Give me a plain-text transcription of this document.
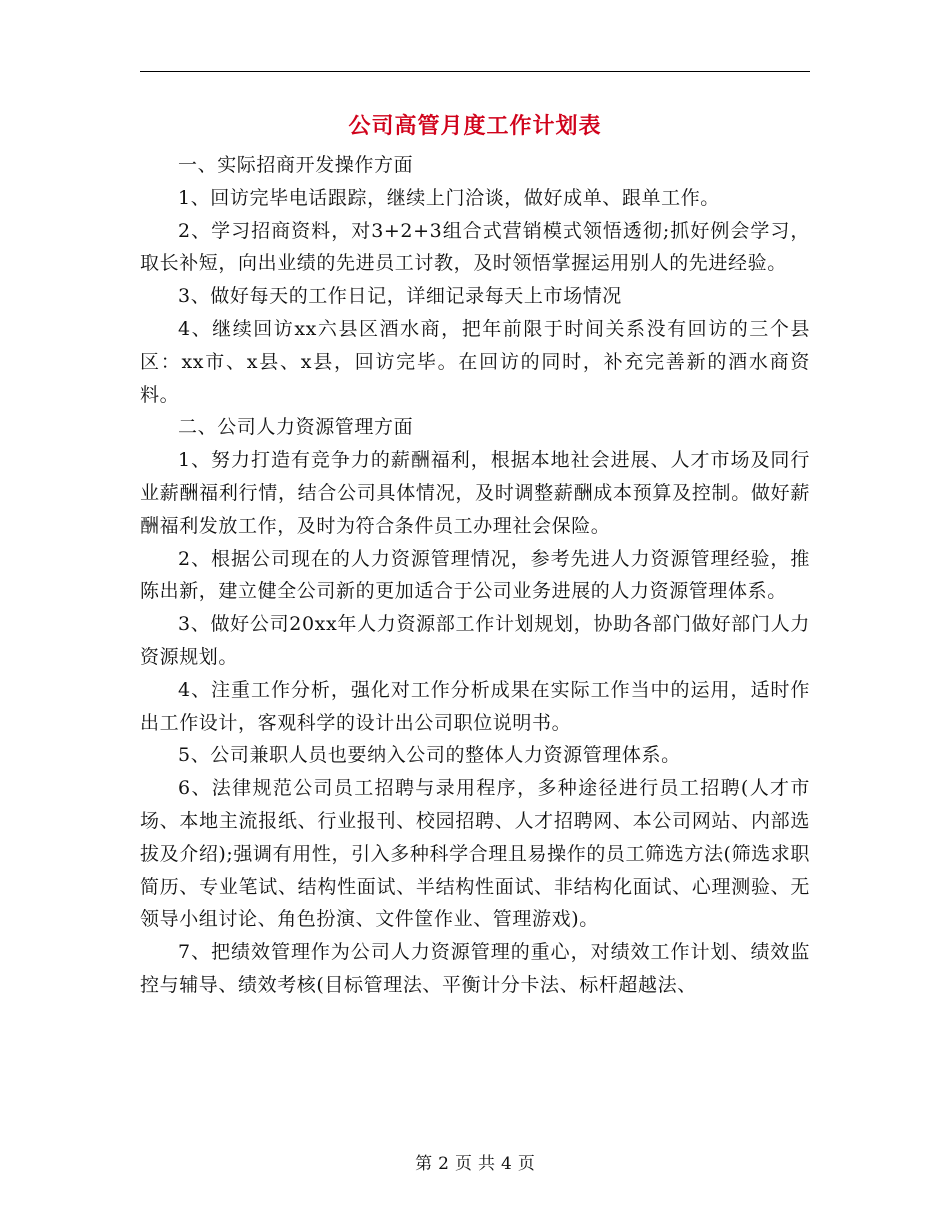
公司高管月度工作计划表

一、实际招商开发操作方面

1、回访完毕电话跟踪，继续上门洽谈，做好成单、跟单工作。

2、学习招商资料，对3+2+3组合式营销模式领悟透彻;抓好例会学习，取长补短，向出业绩的先进员工讨教，及时领悟掌握运用别人的先进经验。

3、做好每天的工作日记，详细记录每天上市场情况

4、继续回访xx六县区酒水商，把年前限于时间关系没有回访的三个县区：xx市、x县、x县，回访完毕。在回访的同时，补充完善新的酒水商资料。

二、公司人力资源管理方面

1、努力打造有竞争力的薪酬福利，根据本地社会进展、人才市场及同行业薪酬福利行情，结合公司具体情况，及时调整薪酬成本预算及控制。做好薪酬福利发放工作，及时为符合条件员工办理社会保险。

2、根据公司现在的人力资源管理情况，参考先进人力资源管理经验，推陈出新，建立健全公司新的更加适合于公司业务进展的人力资源管理体系。

3、做好公司20xx年人力资源部工作计划规划，协助各部门做好部门人力资源规划。

4、注重工作分析，强化对工作分析成果在实际工作当中的运用，适时作出工作设计，客观科学的设计出公司职位说明书。

5、公司兼职人员也要纳入公司的整体人力资源管理体系。

6、法律规范公司员工招聘与录用程序，多种途径进行员工招聘(人才市场、本地主流报纸、行业报刊、校园招聘、人才招聘网、本公司网站、内部选拔及介绍);强调有用性，引入多种科学合理且易操作的员工筛选方法(筛选求职简历、专业笔试、结构性面试、半结构性面试、非结构化面试、心理测验、无领导小组讨论、角色扮演、文件筐作业、管理游戏)。

7、把绩效管理作为公司人力资源管理的重心，对绩效工作计划、绩效监控与辅导、绩效考核(目标管理法、平衡计分卡法、标杆超越法、

第 2 页 共 4 页
